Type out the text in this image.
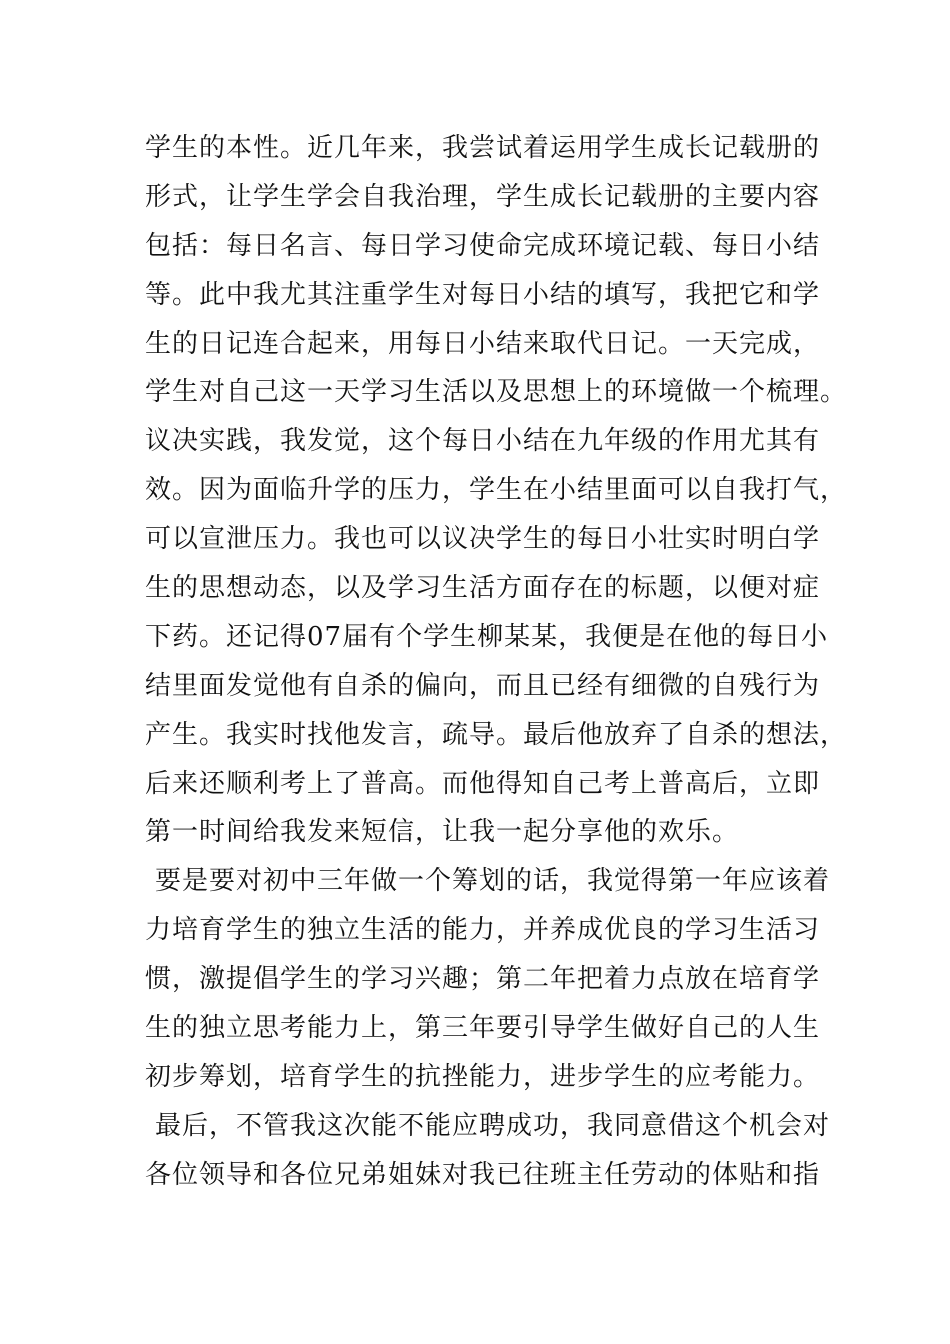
学生的本性。近几年来，我尝试着运用学生成长记载册的
形式，让学生学会自我治理，学生成长记载册的主要内容
包括：每日名言、每日学习使命完成环境记载、每日小结
等。此中我尤其注重学生对每日小结的填写，我把它和学
生的日记连合起来，用每日小结来取代日记。一天完成，
学生对自己这一天学习生活以及思想上的环境做一个梳理。
议决实践，我发觉，这个每日小结在九年级的作用尤其有
效。因为面临升学的压力，学生在小结里面可以自我打气，
可以宣泄压力。我也可以议决学生的每日小壮实时明白学
生的思想动态，以及学习生活方面存在的标题，以便对症
下药。还记得07届有个学生柳某某，我便是在他的每日小
结里面发觉他有自杀的偏向，而且已经有细微的自残行为
产生。我实时找他发言，疏导。最后他放弃了自杀的想法，
后来还顺利考上了普高。而他得知自己考上普高后，立即
第一时间给我发来短信，让我一起分享他的欢乐。
要是要对初中三年做一个筹划的话，我觉得第一年应该着
力培育学生的独立生活的能力，并养成优良的学习生活习
惯，激提倡学生的学习兴趣；第二年把着力点放在培育学
生的独立思考能力上，第三年要引导学生做好自己的人生
初步筹划，培育学生的抗挫能力，进步学生的应考能力。
最后，不管我这次能不能应聘成功，我同意借这个机会对
各位领导和各位兄弟姐妹对我已往班主任劳动的体贴和指
